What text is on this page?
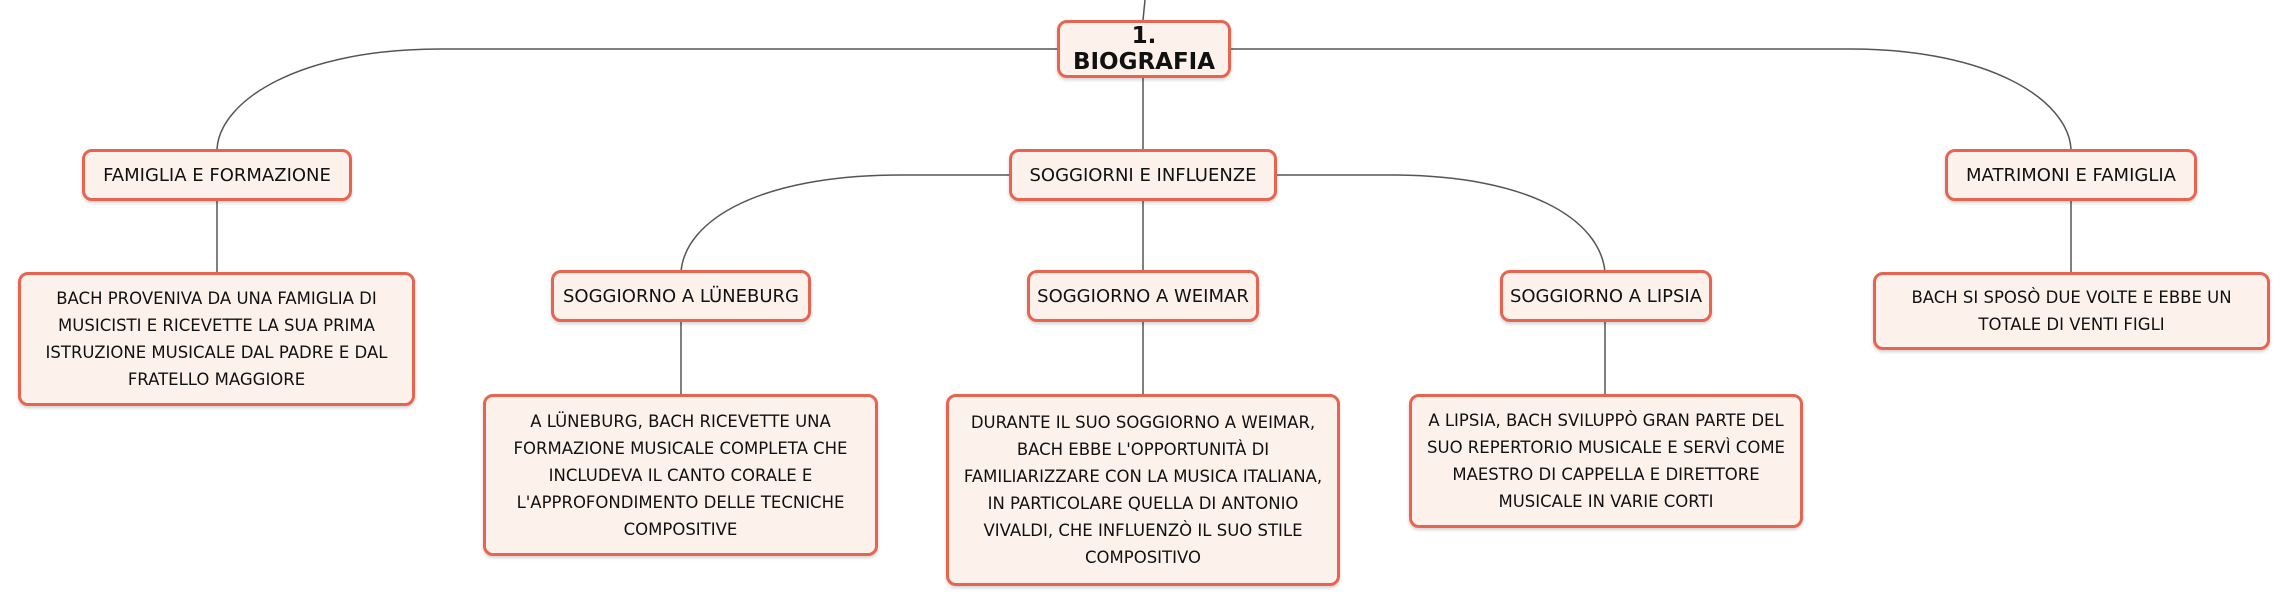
1. BIOGRAFIA
FAMIGLIA E FORMAZIONE	SOGGIORNI E INFLUENZE	MATRIMONI E FAMIGLIA
BACH PROVENIVA DA UNA FAMIGLIA DI MUSICISTI E RICEVETTE LA SUA PRIMA ISTRUZIONE MUSICALE DAL PADRE E DAL FRATELLO MAGGIORE
BACH SI SPOSÒ DUE VOLTE E EBBE UN TOTALE DI VENTI FIGLI
SOGGIORNO A LÜNEBURG	SOGGIORNO A WEIMAR	SOGGIORNO A LIPSIA
A LÜNEBURG, BACH RICEVETTE UNA FORMAZIONE MUSICALE COMPLETA CHE INCLUDEVA IL CANTO CORALE E L'APPROFONDIMENTO DELLE TECNICHE COMPOSITIVE
DURANTE IL SUO SOGGIORNO A WEIMAR, BACH EBBE L'OPPORTUNITÀ DI FAMILIARIZZARE CON LA MUSICA ITALIANA, IN PARTICOLARE QUELLA DI ANTONIO VIVALDI, CHE INFLUENZÒ IL SUO STILE COMPOSITIVO
A LIPSIA, BACH SVILUPPÒ GRAN PARTE DEL SUO REPERTORIO MUSICALE E SERVÌ COME MAESTRO DI CAPPELLA E DIRETTORE MUSICALE IN VARIE CORTI
